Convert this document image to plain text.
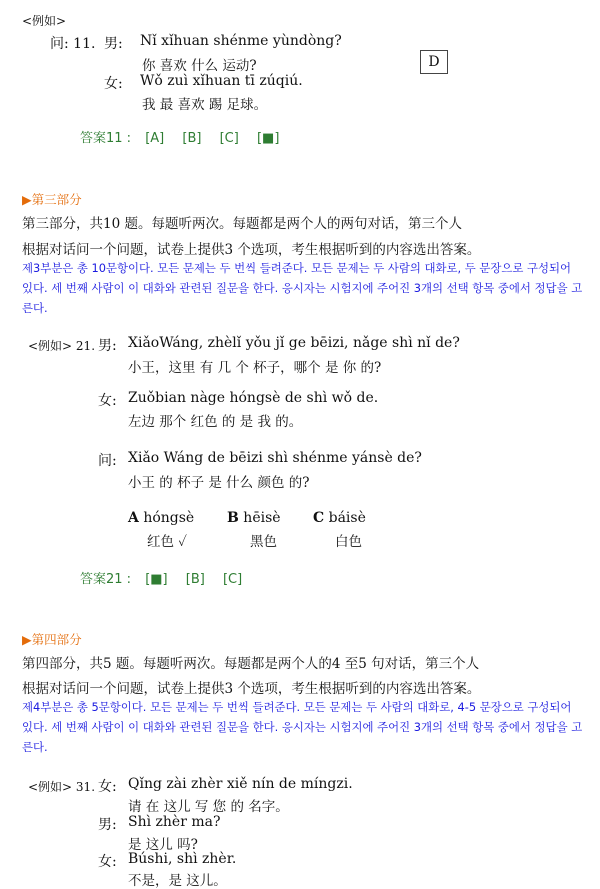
<例如>
问: 11. 男: Nǐ xǐhuan shénme yùndòng?
你 喜欢 什么 运动?	D
女: Wǒ zuì xǐhuan tī zúqiú.
我 最 喜欢 踢 足球。
答案11 : [A] [B] [C] [■]
▶第三部分
第三部分，共10 题。每题听两次。每题都是两个人的两句对话，第三个人
根据对话问一个问题，试卷上提供3 个选项，考生根据听到的内容选出答案。
제3부분은 총 10문항이다. 모든 문제는 두 번씩 들려준다. 모든 문제는 두 사람의 대화로, 두 문장으로 구성되어 있다. 세 번째 사람이 이 대화와 관련된 질문을 한다. 응시자는 시험지에 주어진 3개의 선택 항목 중에서 정답을 고른다.
<例如> 21. 男: XiǎoWáng, zhèlǐ yǒu jǐ ge bēizi, nǎge shì nǐ de?
小王，这里 有 几 个 杯子，哪个 是 你 的?
女: Zuǒbian nàge hóngsè de shì wǒ de.
左边 那个 红色 的 是 我 的。
问: Xiǎo Wáng de bēizi shì shénme yánsè de?
小王 的 杯子 是 什么 颜色 的?
A hóngsè
红色 ✓
B hēisè
黑色
C báisè
白色
答案21 : [■] [B] [C]
▶第四部分
第四部分，共5 题。每题听两次。每题都是两个人的4 至5 句对话，第三个人
根据对话问一个问题，试卷上提供3 个选项，考生根据听到的内容选出答案。
제4부분은 총 5문항이다. 모든 문제는 두 번씩 들려준다. 모든 문제는 두 사람의 대화로, 4-5 문장으로 구성되어 있다. 세 번째 사람이 이 대화와 관련된 질문을 한다. 응시자는 시험지에 주어진 3개의 선택 항목 중에서 정답을 고른다.
<例如> 31. 女: Qǐng zài zhèr xiě nín de míngzi.
请 在 这儿 写 您 的 名字。
男: Shì zhèr ma?
是 这儿 吗?
女: Búshi, shì zhèr.
不是，是 这儿。
